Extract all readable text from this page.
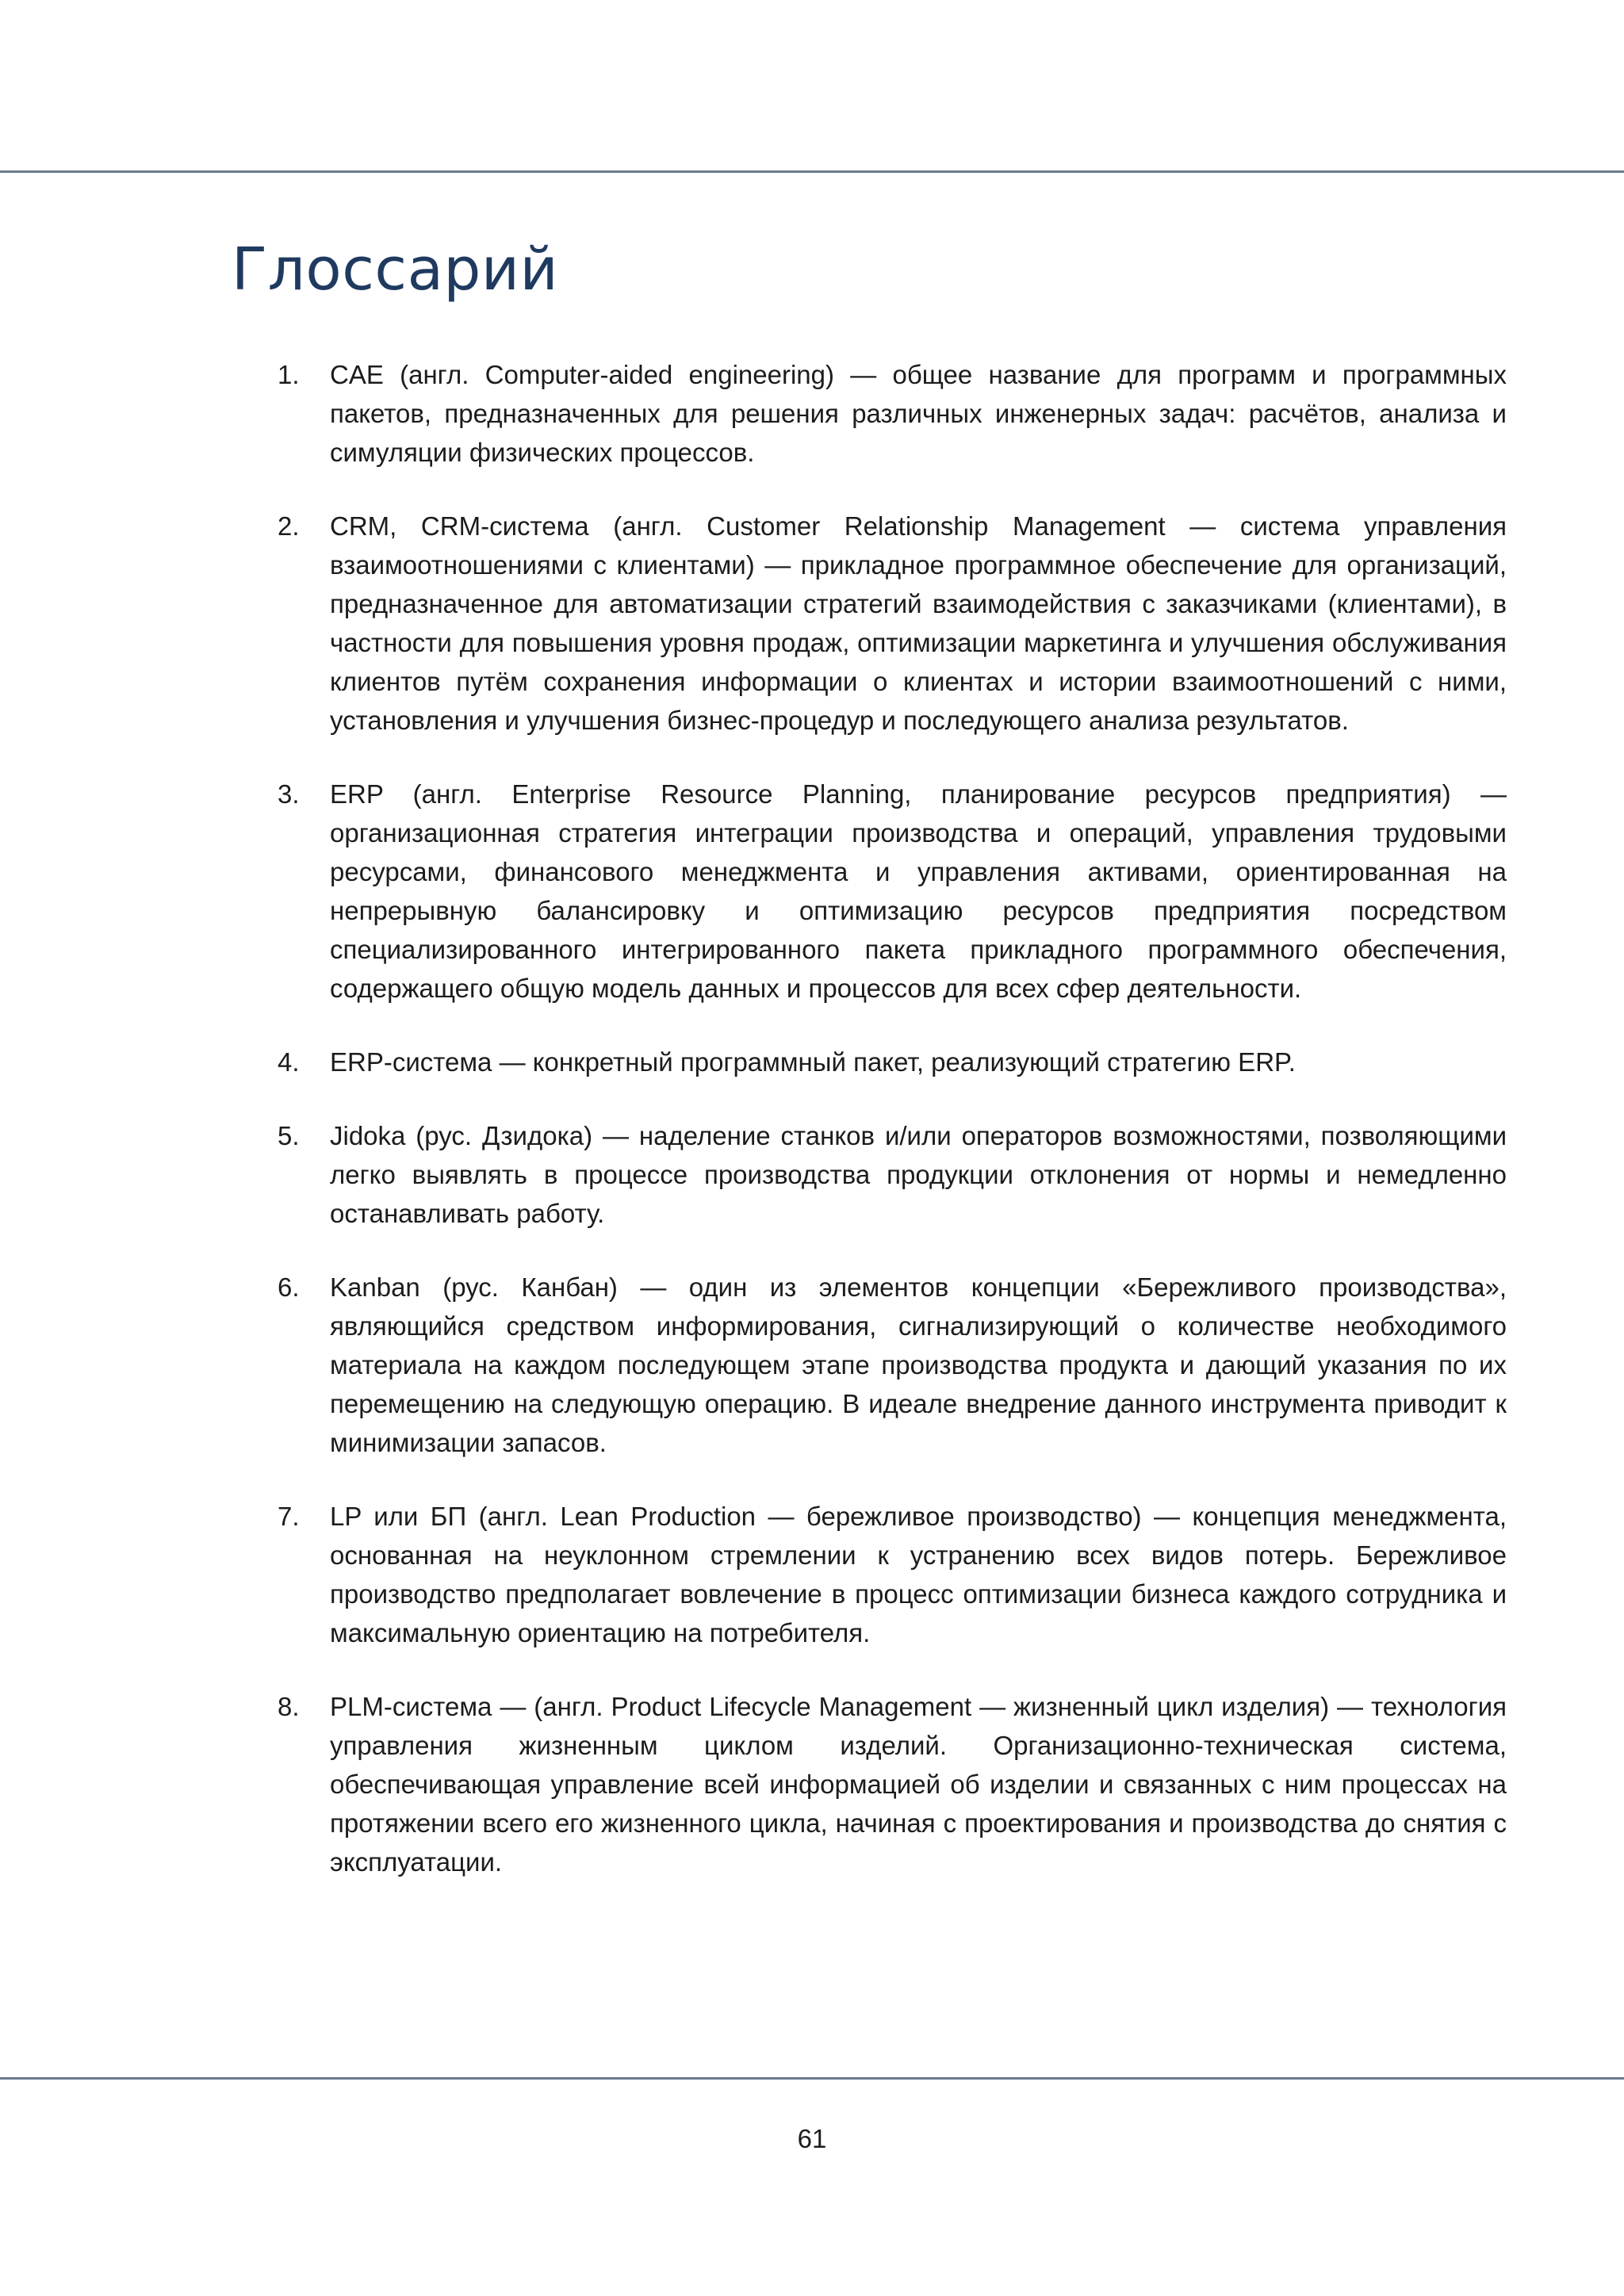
Глоссарий
1. CAE (англ. Computer-aided engineering) — общее название для программ и программных пакетов, предназначенных для решения различных инженерных задач: расчётов, анализа и симуляции физических процессов.
2. CRM, CRM-система (англ. Customer Relationship Management — система управления взаимоотношениями с клиентами) — прикладное программное обеспечение для организаций, предназначенное для автоматизации стратегий взаимодействия с заказчиками (клиентами), в частности для повышения уровня продаж, оптимизации маркетинга и улучшения обслуживания клиентов путём сохранения информации о клиентах и истории взаимоотношений с ними, установления и улучшения бизнес-процедур и последующего анализа результатов.
3. ERP (англ. Enterprise Resource Planning, планирование ресурсов предприятия) — организационная стратегия интеграции производства и операций, управления трудовыми ресурсами, финансового менеджмента и управления активами, ориентированная на непрерывную балансировку и оптимизацию ресурсов предприятия посредством специализированного интегрированного пакета прикладного программного обеспечения, содержащего общую модель данных и процессов для всех сфер деятельности.
4. ERP-система — конкретный программный пакет, реализующий стратегию ERP.
5. Jidoka (рус. Дзидока) — наделение станков и/или операторов возможностями, позволяющими легко выявлять в процессе производства продукции отклонения от нормы и немедленно останавливать работу.
6. Kanban (рус. Канбан) — один из элементов концепции «Бережливого производства», являющийся средством информирования, сигнализирующий о количестве необходимого материала на каждом последующем этапе производства продукта и дающий указания по их перемещению на следующую операцию. В идеале внедрение данного инструмента приводит к минимизации запасов.
7. LP или БП (англ. Lean Production — бережливое производство) — концепция менеджмента, основанная на неуклонном стремлении к устранению всех видов потерь. Бережливое производство предполагает вовлечение в процесс оптимизации бизнеса каждого сотрудника и максимальную ориентацию на потребителя.
8. PLM-система — (англ. Product Lifecycle Management — жизненный цикл изделия) — технология управления жизненным циклом изделий. Организационно-техническая система, обеспечивающая управление всей информацией об изделии и связанных с ним процессах на протяжении всего его жизненного цикла, начиная с проектирования и производства до снятия с эксплуатации.
61
